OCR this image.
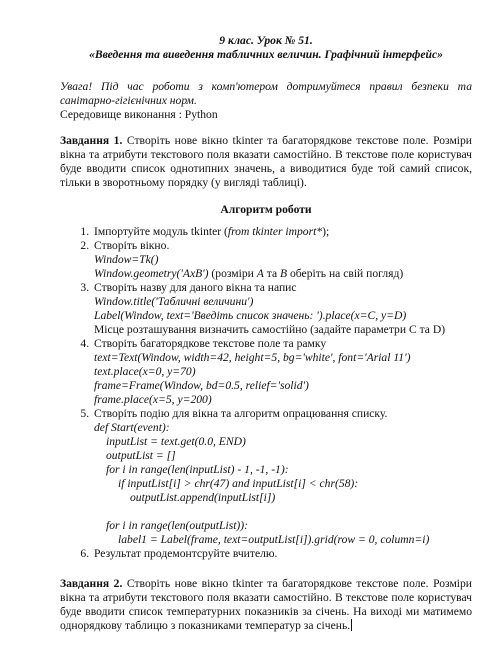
9 клас. Урок № 51.
«Введення та виведення табличних величин. Графічний інтерфейс»
Увага! Під час роботи з комп'ютером дотримуйтеся правил безпеки та санітарно-гігієнічних норм.
Середовище виконання : Python
Завдання 1. Створіть нове вікно tkinter та багаторядкове текстове поле. Розміри вікна та атрибути текстового поля вказати самостійно. В текстове поле користувач буде вводити список однотипних значень, а виводитися буде той самий список, тільки в зворотньому порядку (у вигляді таблиці).
Алгоритм роботи
1. Імпортуйте модуль tkinter (from tkinter import*);
2. Створіть вікно.
Window=Tk()
Window.geometry('AxB') (розміри A та B оберіть на свій погляд)
3. Створіть назву для даного вікна та напис
Window.title('Табличні величини')
Label(Window, text='Введіть список значень: ').place(x=C, y=D)
Місце розташування визначить самостійно (задайте параметри С та D)
4. Створіть багаторядкове текстове поле та рамку
text=Text(Window, width=42, height=5, bg='white', font='Arial 11')
text.place(x=0, y=70)
frame=Frame(Window, bd=0.5, relief='solid')
frame.place(x=5, y=200)
5. Створіть подію для вікна та алгоритм опрацювання списку.
def Start(event):
inputList = text.get(0.0, END)
outputList = []
for i in range(len(inputList) - 1, -1, -1):
if inputList[i] > chr(47) and inputList[i] < chr(58):
outputList.append(inputList[i])
for i in range(len(outputList)):
label1 = Label(frame, text=outputList[i]).grid(row = 0, column=i)
6. Результат продемонтсруйте вчителю.
Завдання 2. Створіть нове вікно tkinter та багаторядкове текстове поле. Розміри вікна та атрибути текстового поля вказати самостійно. В текстове поле користувач буде вводити список температурних показників за січень. На виході ми матимемо однорядкову таблицю з показниками температур за січень.
